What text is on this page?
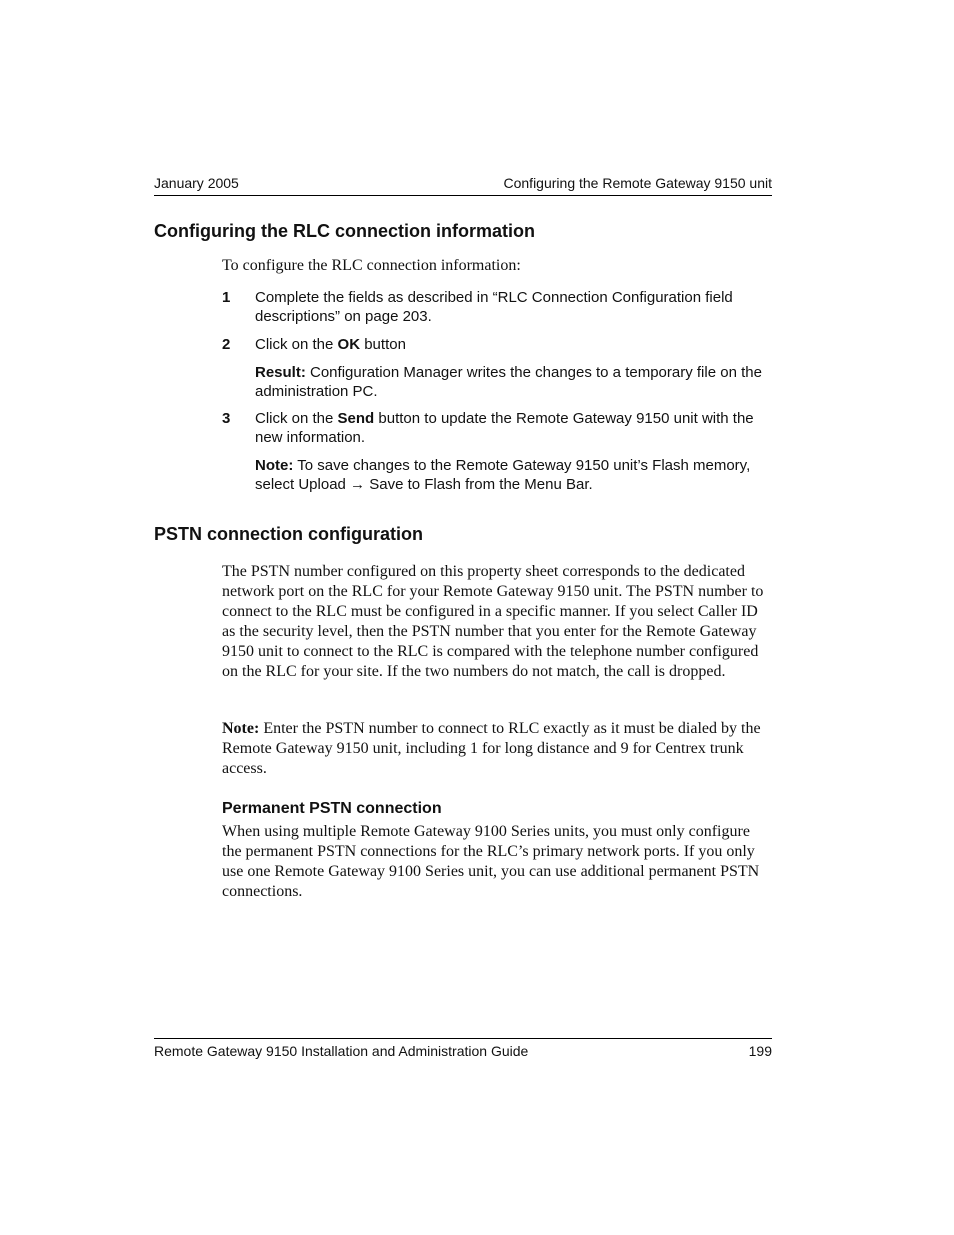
January 2005	Configuring the Remote Gateway 9150 unit
Configuring the RLC connection information

To configure the RLC connection information:

1 Complete the fields as described in “RLC Connection Configuration field descriptions” on page 203.

2 Click on the OK button

Result: Configuration Manager writes the changes to a temporary file on the administration PC.

3 Click on the Send button to update the Remote Gateway 9150 unit with the new information.

Note: To save changes to the Remote Gateway 9150 unit’s Flash memory, select Upload → Save to Flash from the Menu Bar.

PSTN connection configuration

The PSTN number configured on this property sheet corresponds to the dedicated network port on the RLC for your Remote Gateway 9150 unit. The PSTN number to connect to the RLC must be configured in a specific manner. If you select Caller ID as the security level, then the PSTN number that you enter for the Remote Gateway 9150 unit to connect to the RLC is compared with the telephone number configured on the RLC for your site. If the two numbers do not match, the call is dropped.

Note: Enter the PSTN number to connect to RLC exactly as it must be dialed by the Remote Gateway 9150 unit, including 1 for long distance and 9 for Centrex trunk access.

Permanent PSTN connection

When using multiple Remote Gateway 9100 Series units, you must only configure the permanent PSTN connections for the RLC’s primary network ports. If you only use one Remote Gateway 9100 Series unit, you can use additional permanent PSTN connections.

Remote Gateway 9150 Installation and Administration Guide	199
